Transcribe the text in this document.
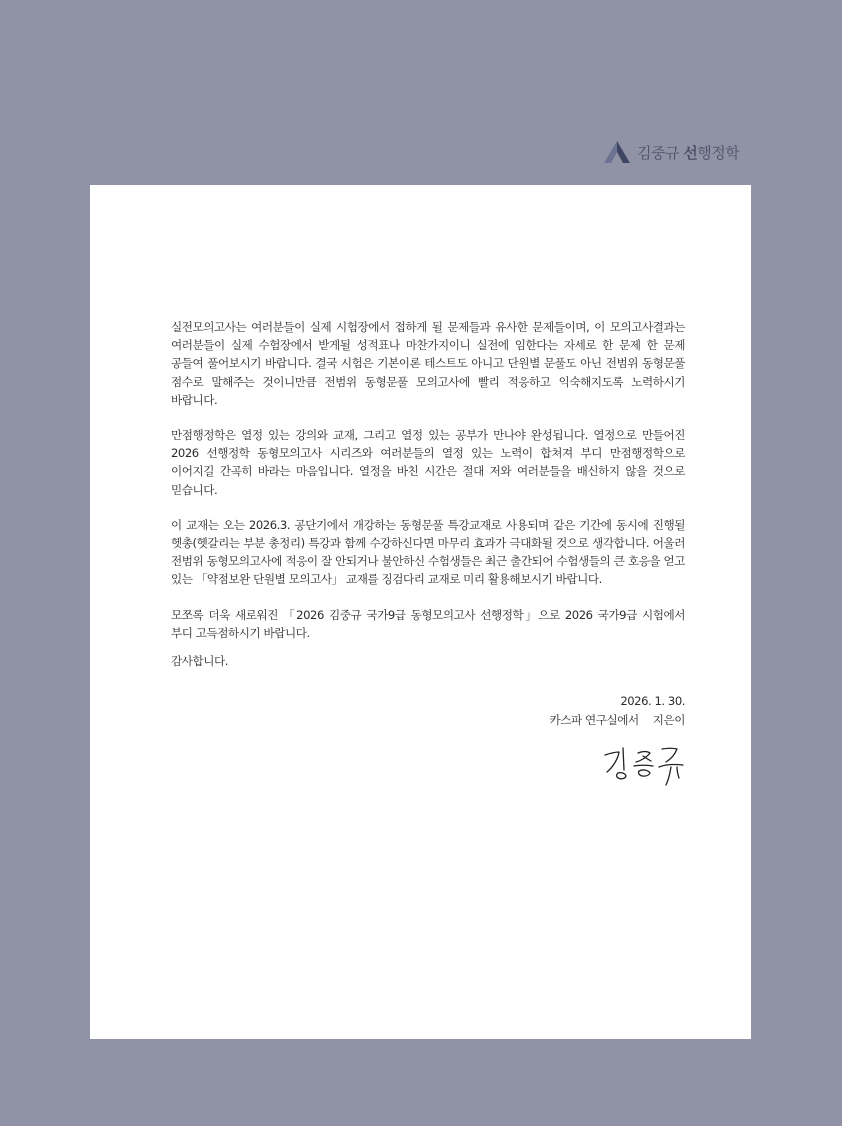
김중규 선행정학

실전모의고사는 여러분들이 실제 시험장에서 접하게 될 문제들과 유사한 문제들이며, 이 모의고사결과는 여러분들이 실제 수험장에서 받게될 성적표나 마찬가지이니 실전에 임한다는 자세로 한 문제 한 문제 공들여 풀어보시기 바랍니다. 결국 시험은 기본이론 테스트도 아니고 단원별 문풀도 아닌 전범위 동형문풀 점수로 말해주는 것이니만큼 전범위 동형문풀 모의고사에 빨리 적응하고 익숙해지도록 노력하시기 바랍니다.

만점행정학은 열정 있는 강의와 교재, 그리고 열정 있는 공부가 만나야 완성됩니다. 열정으로 만들어진 2026 선행정학 동형모의고사 시리즈와 여러분들의 열정 있는 노력이 합쳐져 부디 만점행정학으로 이어지길 간곡히 바라는 마음입니다. 열정을 바친 시간은 절대 저와 여러분들을 배신하지 않을 것으로 믿습니다.

이 교재는 오는 2026.3. 공단기에서 개강하는 동형문풀 특강교재로 사용되며 같은 기간에 동시에 진행될 헷총(헷갈리는 부분 총정리) 특강과 함께 수강하신다면 마무리 효과가 극대화될 것으로 생각합니다. 어울러 전범위 동형모의고사에 적응이 잘 안되거나 불안하신 수험생들은 최근 출간되어 수험생들의 큰 호응을 얻고 있는 「약점보완 단원별 모의고사」 교재를 징검다리 교재로 미리 활용해보시기 바랍니다.

모쪼록 더욱 새로워진 「2026 김중규 국가9급 동형모의고사 선행정학」으로 2026 국가9급 시험에서 부디 고득점하시기 바랍니다.

감사합니다.

2026. 1. 30.
카스파 연구실에서 지은이
